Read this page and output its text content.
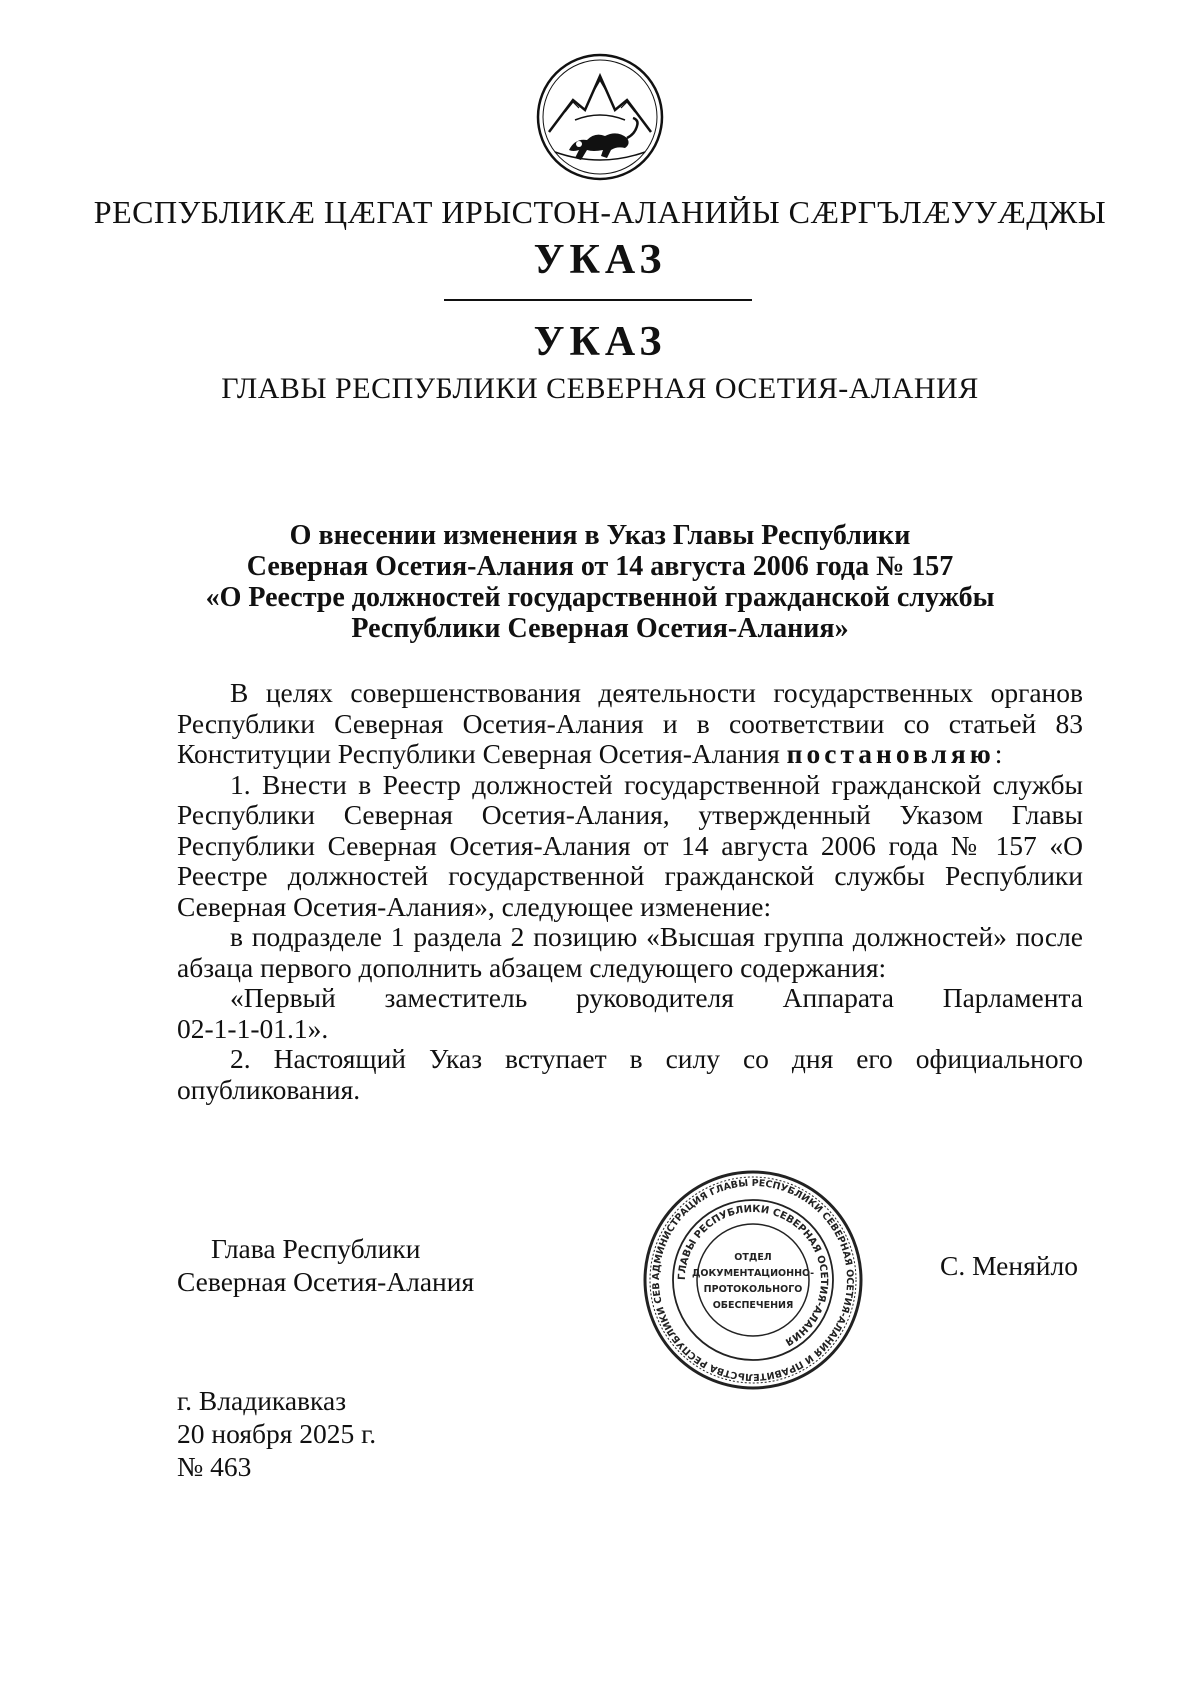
РЕСПУБЛИКӔ ЦӔГАТ ИРЫСТОН-АЛАНИЙЫ СӔРГЪЛӔУУӔДЖЫ
УКАЗ
УКАЗ
ГЛАВЫ РЕСПУБЛИКИ СЕВЕРНАЯ ОСЕТИЯ-АЛАНИЯ
О внесении изменения в Указ Главы Республики
Северная Осетия-Алания от 14 августа 2006 года № 157
«О Реестре должностей государственной гражданской службы
Республики Северная Осетия-Алания»

В целях совершенствования деятельности государственных органов Республики Северная Осетия-Алания и в соответствии со статьей 83 Конституции Республики Северная Осетия-Алания постановляю:

1. Внести в Реестр должностей государственной гражданской службы Республики Северная Осетия-Алания, утвержденный Указом Главы Республики Северная Осетия-Алания от 14 августа 2006 года № 157 «О Реестре должностей государственной гражданской службы Республики Северная Осетия-Алания», следующее изменение:

в подразделе 1 раздела 2 позицию «Высшая группа должностей» после абзаца первого дополнить абзацем следующего содержания:

«Первый заместитель руководителя Аппарата Парламента
02-1-1-01.1».

2. Настоящий Указ вступает в силу со дня его официального опубликования.

Глава Республики
Северная Осетия-Алания
С. Меняйло
АДМИНИСТРАЦИЯ ГЛАВЫ РЕСПУБЛИКИ СЕВЕРНАЯ ОСЕТИЯ-АЛАНИЯ И ПРАВИТЕЛЬСТВА РЕСПУБЛИКИ СЕВ
ГЛАВЫ РЕСПУБЛИКИ СЕВЕРНАЯ ОСЕТИЯ-АЛАНИЯ
ОТДЕЛ
ДОКУМЕНТАЦИОННО-
ПРОТОКОЛЬНОГО
ОБЕСПЕЧЕНИЯ
г. Владикавказ
20 ноября 2025 г.
№ 463
